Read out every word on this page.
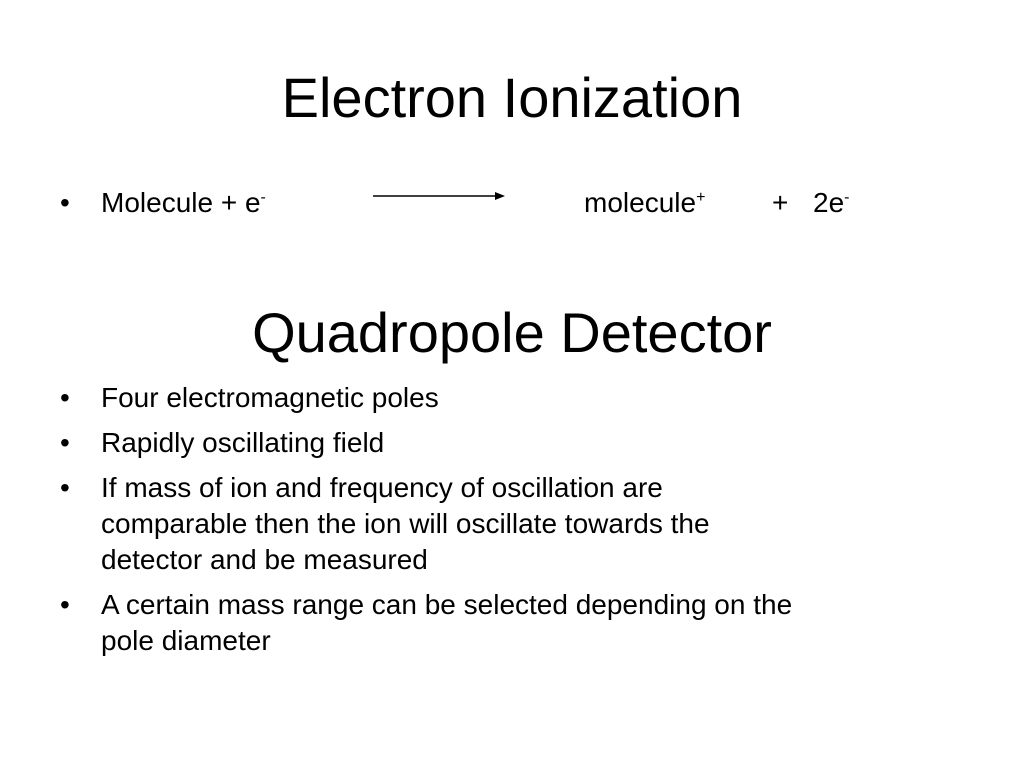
Electron Ionization
•	Molecule + e-	molecule+ + 2e-
Quadropole Detector
•	Four electromagnetic poles
•	Rapidly oscillating field
•	If mass of ion and frequency of oscillation are
comparable then the ion will oscillate towards the
detector and be measured
•	A certain mass range can be selected depending on the
pole diameter
